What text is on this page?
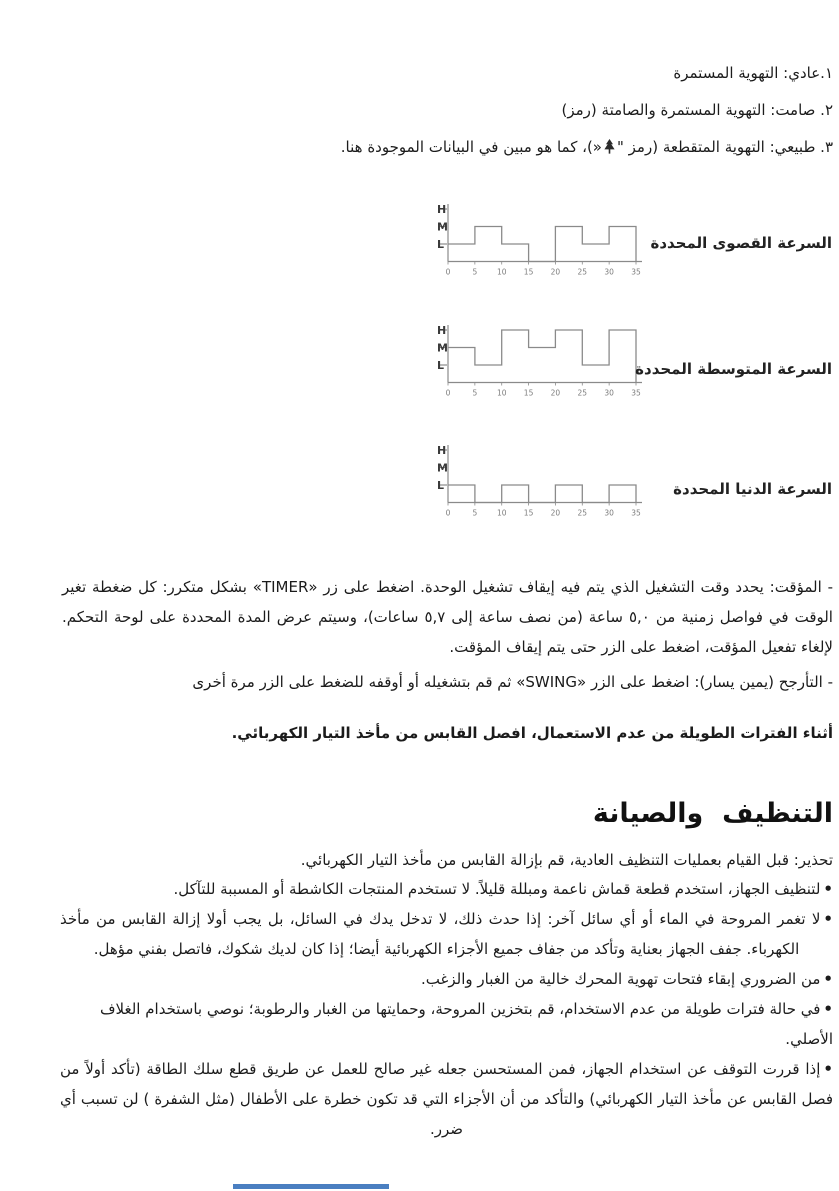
١.عادي: التهوية المستمرة
٢. صامت: التهوية المستمرة والصامتة (رمز)
٣. طبيعي: التهوية المتقطعة (رمز "«)، كما هو مبين في البيانات الموجودة هنا.
H
M
L
0	5	10 15 20 25 30 35
السرعة القصوى المحددة
H
M
L
0	5	10 15 20 25 30 35
السرعة المتوسطة المحددة
H
M
L
0	5	10 15 20 25 30 35
السرعة الدنيا المحددة
- المؤقت: يحدد وقت التشغيل الذي يتم فيه إيقاف تشغيل الوحدة. اضغط على زر «TIMER» بشكل متكرر: كل ضغطة تغير الوقت في فواصل زمنية من ٥,٠ ساعة (من نصف ساعة إلى ٥,٧ ساعات)، وسيتم عرض المدة المحددة على لوحة التحكم. لإلغاء تفعيل المؤقت، اضغط على الزر حتى يتم إيقاف المؤقت.
- التأرجح (يمين يسار): اضغط على الزر «SWING» ثم قم بتشغيله أو أوقفه للضغط على الزر مرة أخرى
أثناء الفترات الطويلة من عدم الاستعمال، افصل القابس من مأخذ التيار الكهربائي.
التنظيف  والصيانة
تحذير: قبل القيام بعمليات التنظيف العادية، قم بإزالة القابس من مأخذ التيار الكهربائي.
•لتنظيف الجهاز، استخدم قطعة قماش ناعمة ومبللة قليلاً. لا تستخدم المنتجات الكاشطة أو المسببة للتآكل.
•لا تغمر المروحة في الماء أو أي سائل آخر: إذا حدث ذلك، لا تدخل يدك في السائل، بل يجب أولا إزالة القابس من مأخذ الكهرباء. جفف الجهاز بعناية وتأكد من جفاف جميع الأجزاء الكهربائية أيضا؛ إذا كان لديك شكوك، فاتصل بفني مؤهل.
•من الضروري إبقاء فتحات تهوية المحرك خالية من الغبار والزغب.
•في حالة فترات طويلة من عدم الاستخدام، قم بتخزين المروحة، وحمايتها من الغبار والرطوبة؛ نوصي باستخدام الغلاف الأصلي.
•إذا قررت التوقف عن استخدام الجهاز، فمن المستحسن جعله غير صالح للعمل عن طريق قطع سلك الطاقة (تأكد أولاً من فصل القابس عن مأخذ التيار الكهربائي) والتأكد من أن الأجزاء التي قد تكون خطرة على الأطفال (مثل الشفرة ) لن تسبب أي ضرر.
